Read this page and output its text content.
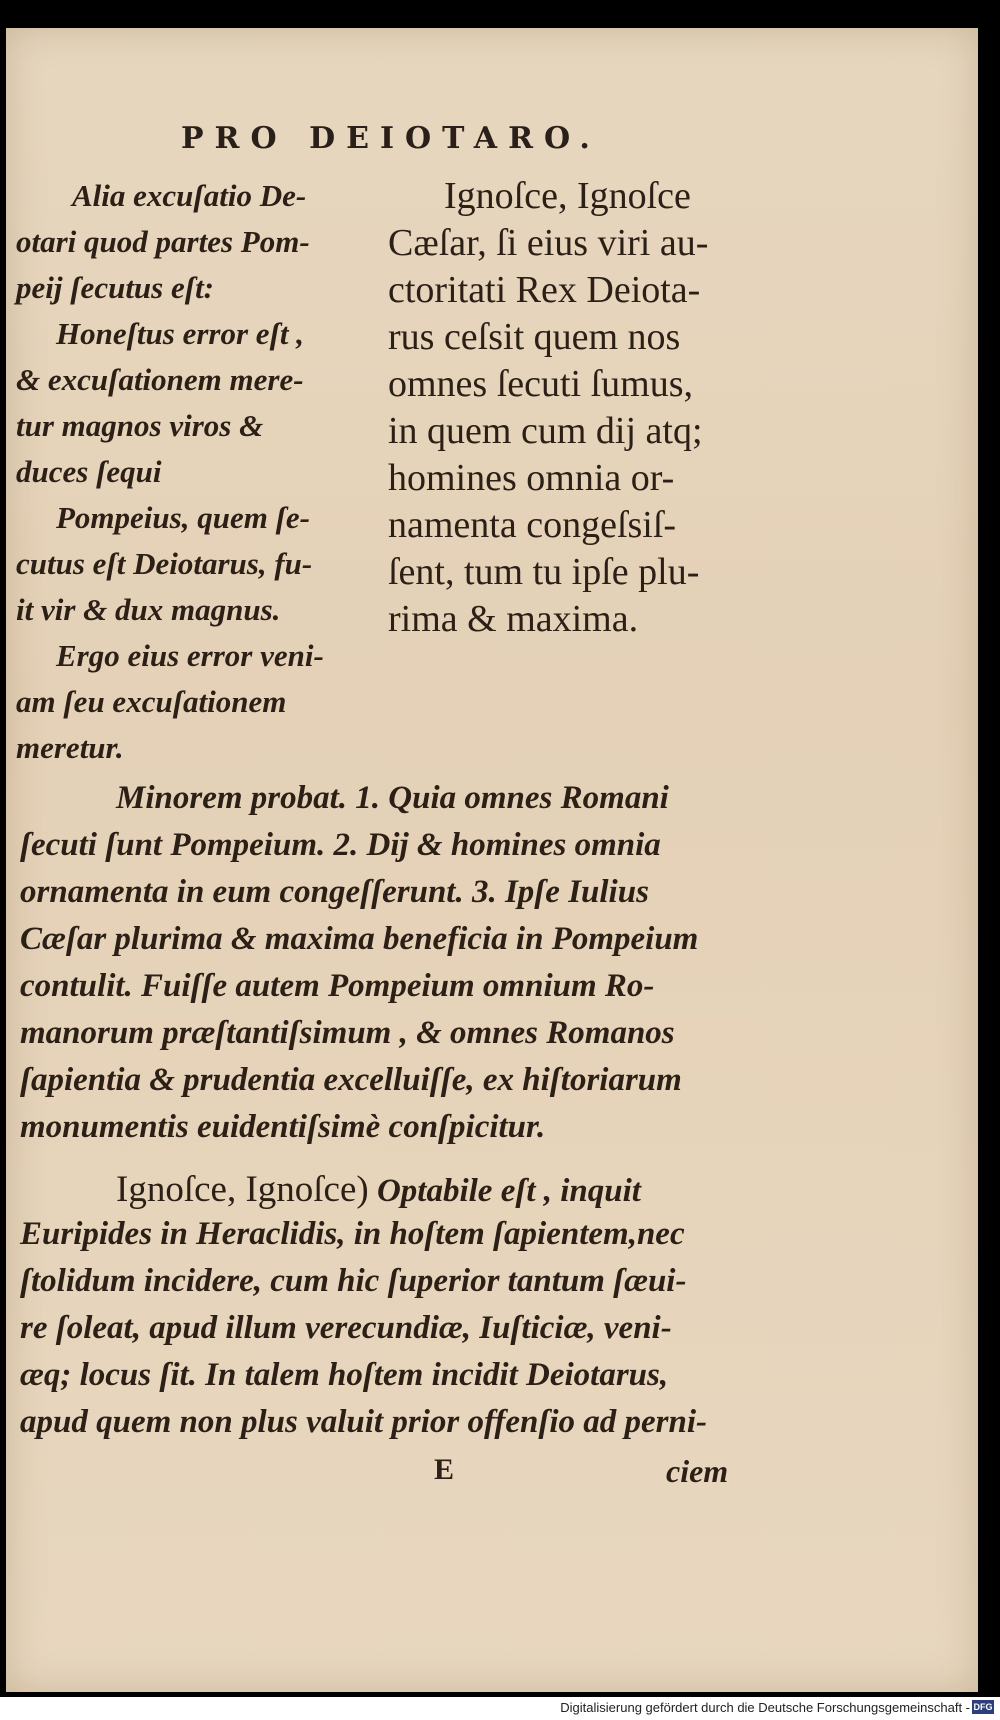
PRO DEIOTARO.
Alia excuſatio De-
otari quod partes Pom-
peij ſecutus eſt:
Honeſtus error eſt ,
& excuſationem mere-
tur magnos viros &
duces ſequi
Pompeius, quem ſe-
cutus eſt Deiotarus, fu-
it vir & dux magnus.
Ergo eius error veni-
am ſeu excuſationem
meretur.
Ignoſce, Ignoſce
Cæſar, ſi eius viri au-
ctoritati Rex Deiota-
rus ceſsit quem nos
omnes ſecuti ſumus,
in quem cum dij atq;
homines omnia or-
namenta congeſsiſ-
ſent, tum tu ipſe plu-
rima & maxima.
Minorem probat. 1. Quia omnes Romani
ſecuti ſunt Pompeium. 2. Dij & homines omnia
ornamenta in eum congeſſerunt. 3. Ipſe Iulius
Cæſar plurima & maxima beneficia in Pompeium
contulit. Fuiſſe autem Pompeium omnium Ro-
manorum præſtantiſsimum , & omnes Romanos
ſapientia & prudentia excelluiſſe, ex hiſtoriarum
monumentis euidentiſsimè conſpicitur.
Ignoſce, Ignoſce) Optabile eſt , inquit
Euripides in Heraclidis, in hoſtem ſapientem,nec
ſtolidum incidere, cum hic ſuperior tantum ſæui-
re ſoleat, apud illum verecundiæ, Iuſticiæ, veni-
æq; locus ſit. In talem hoſtem incidit Deiotarus,
apud quem non plus valuit prior offenſio ad perni-
E	ciem
Digitalisierung gefördert durch die Deutsche Forschungsgemeinschaft - DFG
